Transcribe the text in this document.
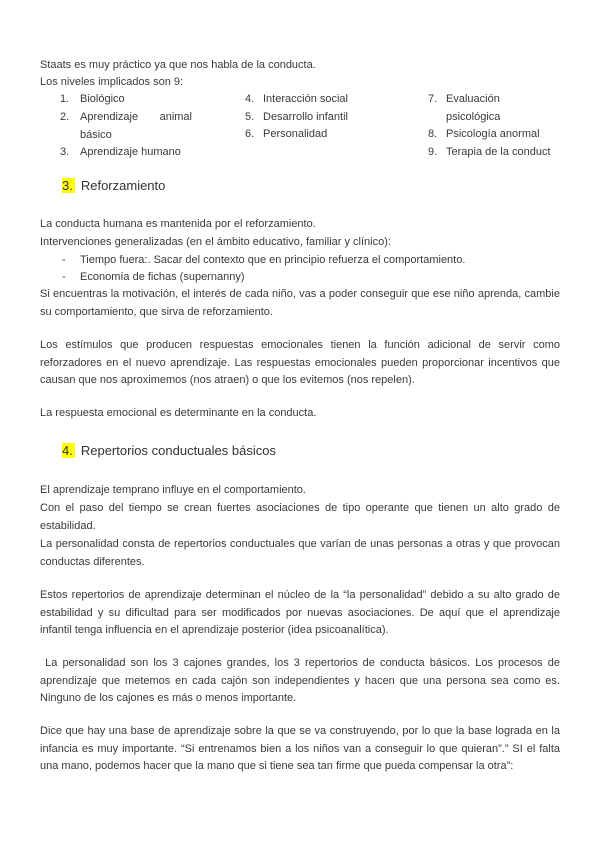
Staats es muy práctico ya que nos habla de la conducta.
Los niveles implicados son 9:
1. Biológico
2. Aprendizaje animal básico
3. Aprendizaje humano
4. Interacción social
5. Desarrollo infantil
6. Personalidad
7. Evaluación psicológica
8. Psicología anormal
9. Terapia de la conduct
3. Reforzamiento
La conducta humana es mantenida por el reforzamiento.
Intervenciones generalizadas (en el ámbito educativo, familiar y clínico):
- Tiempo fuera:. Sacar del contexto que en principio refuerza el comportamiento.
- Economía de fichas (supernanny)
Si encuentras la motivación, el interés de cada niño, vas a poder conseguir que ese niño aprenda, cambie su comportamiento, que sirva de reforzamiento.
Los estímulos que producen respuestas emocionales tienen la función adicional de servir como reforzadores en el nuevo aprendizaje. Las respuestas emocionales pueden proporcionar incentivos que causan que nos aproximemos (nos atraen) o que los evitemos (nos repelen).
La respuesta emocional es determinante en la conducta.
4. Repertorios conductuales básicos
El aprendizaje temprano influye en el comportamiento.
Con el paso del tiempo se crean fuertes asociaciones de tipo operante que tienen un alto grado de estabilidad.
La personalidad consta de repertorios conductuales que varían de unas personas a otras y que provocan conductas diferentes.
Estos repertorios de aprendizaje determinan el núcleo de la “la personalidad” debido a su alto grado de estabilidad y su dificultad para ser modificados por nuevas asociaciones. De aquí que el aprendizaje infantil tenga influencia en el aprendizaje posterior (idea psicoanalítica).
La personalidad son los 3 cajones grandes, los 3 repertorios de conducta básicos. Los procesos de aprendizaje que metemos en cada cajón son independientes y hacen que una persona sea como es. Ninguno de los cajones es más o menos importante.
Dice que hay una base de aprendizaje sobre la que se va construyendo, por lo que la base lograda en la infancia es muy importante. “Si entrenamos bien a los niños van a conseguir lo que quieran”.” SI el falta una mano, podemos hacer que la mano que si tiene sea tan firme que pueda compensar la otra”:
